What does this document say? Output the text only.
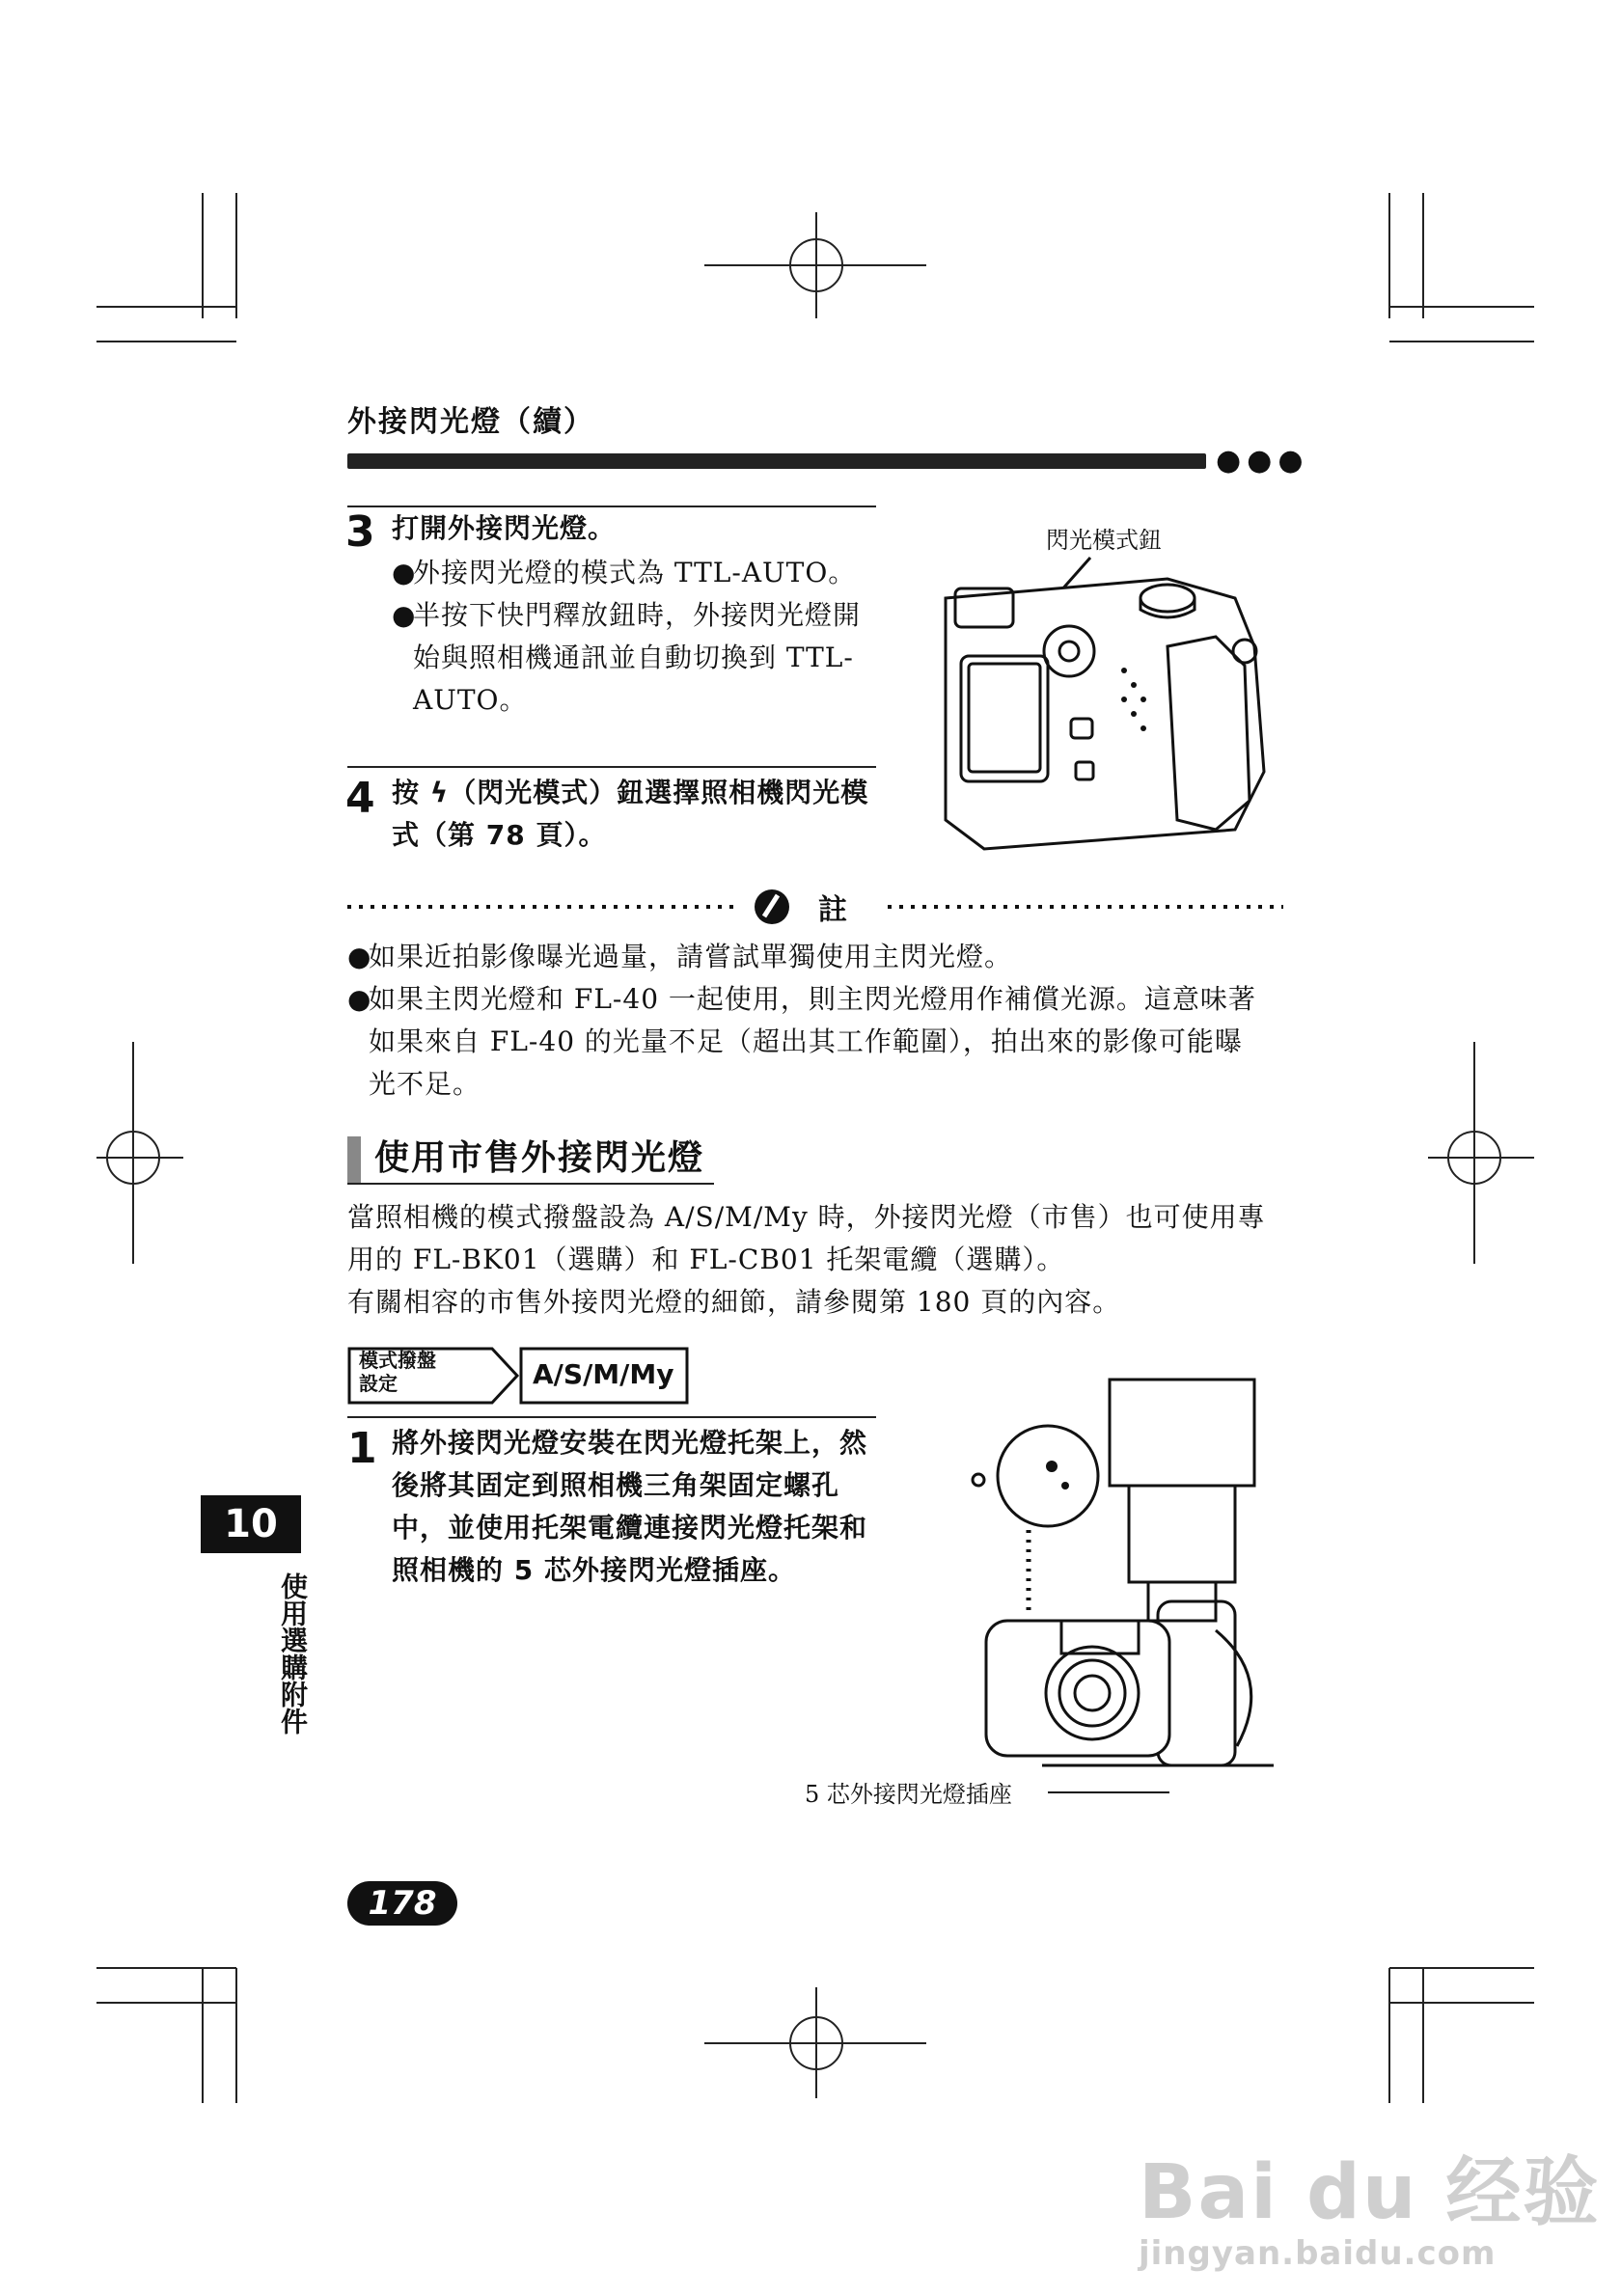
外接閃光燈（續）
●●●
3 打開外接閃光燈。
●外接閃光燈的模式為 TTL-AUTO。
●半按下快門釋放鈕時，外接閃光燈開
始與照相機通訊並自動切換到 TTL-
AUTO。
閃光模式鈕
4 按 ϟ（閃光模式）鈕選擇照相機閃光模
式（第 78 頁）。
註
●如果近拍影像曝光過量，請嘗試單獨使用主閃光燈。
●如果主閃光燈和 FL-40 一起使用，則主閃光燈用作補償光源。這意味著
如果來自 FL-40 的光量不足（超出其工作範圍），拍出來的影像可能曝
光不足。
使用市售外接閃光燈
當照相機的模式撥盤設為 A/S/M/My 時，外接閃光燈（市售）也可使用專
用的 FL-BK01（選購）和 FL-CB01 托架電纜（選購）。
有關相容的市售外接閃光燈的細節，請參閱第 180 頁的內容。
模式撥盤
設定	A/S/M/My
1 將外接閃光燈安裝在閃光燈托架上，然
後將其固定到照相機三角架固定螺孔
中，並使用托架電纜連接閃光燈托架和
照相機的 5 芯外接閃光燈插座。
5 芯外接閃光燈插座
10
使用選購附件
178
Bai du 经验
jingyan.baidu.com
